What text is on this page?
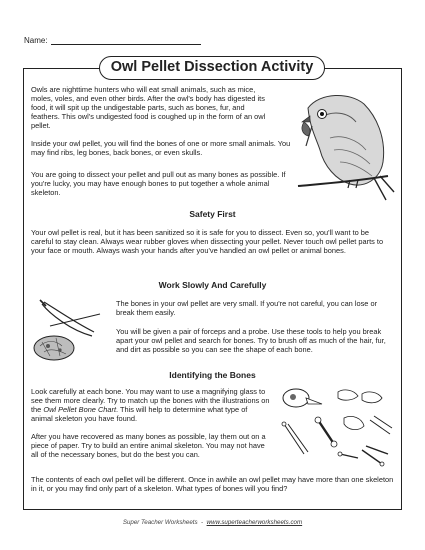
Name:
Owl Pellet Dissection Activity

Owls are nighttime hunters who will eat small animals, such as mice, moles, voles, and even other birds. After the owl's body has digested its food, it will spit up the undigestable parts, such as bones, fur, and feathers. This owl's undigested food is coughed up in the form of an owl pellet.

Inside your owl pellet, you will find the bones of one or more small animals. You may find ribs, leg bones, back bones, or even skulls.

You are going to dissect your pellet and pull out as many bones as possible. If you're lucky, you may have enough bones to put together a whole animal skeleton.

Safety First

Your owl pellet is real, but it has been sanitized so it is safe for you to dissect. Even so, you'll want to be careful to stay clean. Always wear rubber gloves when dissecting your pellet. Never touch owl pellet parts to your face or mouth. Always wash your hands after you've handled an owl pellet or animal bones.

Work Slowly And Carefully

The bones in your owl pellet are very small. If you're not careful, you can lose or break them easily.

You will be given a pair of forceps and a probe. Use these tools to help you break apart your owl pellet and search for bones. Try to brush off as much of the hair, fur, and dirt as possible so you can see the shape of each bone.

Identifying the Bones

Look carefully at each bone. You may want to use a magnifying glass to see them more clearly. Try to match up the bones with the illustrations on the Owl Pellet Bone Chart. This will help to determine what type of animal skeleton you have found.

After you have recovered as many bones as possible, lay them out on a piece of paper. Try to build an entire animal skeleton. You may not have all of the necessary bones, but do the best you can.

The contents of each owl pellet will be different. Once in awhile an owl pellet may have more than one skeleton in it, or you may find only part of a skeleton. What types of bones will you find?

Super Teacher Worksheets - www.superteacherworksheets.com
